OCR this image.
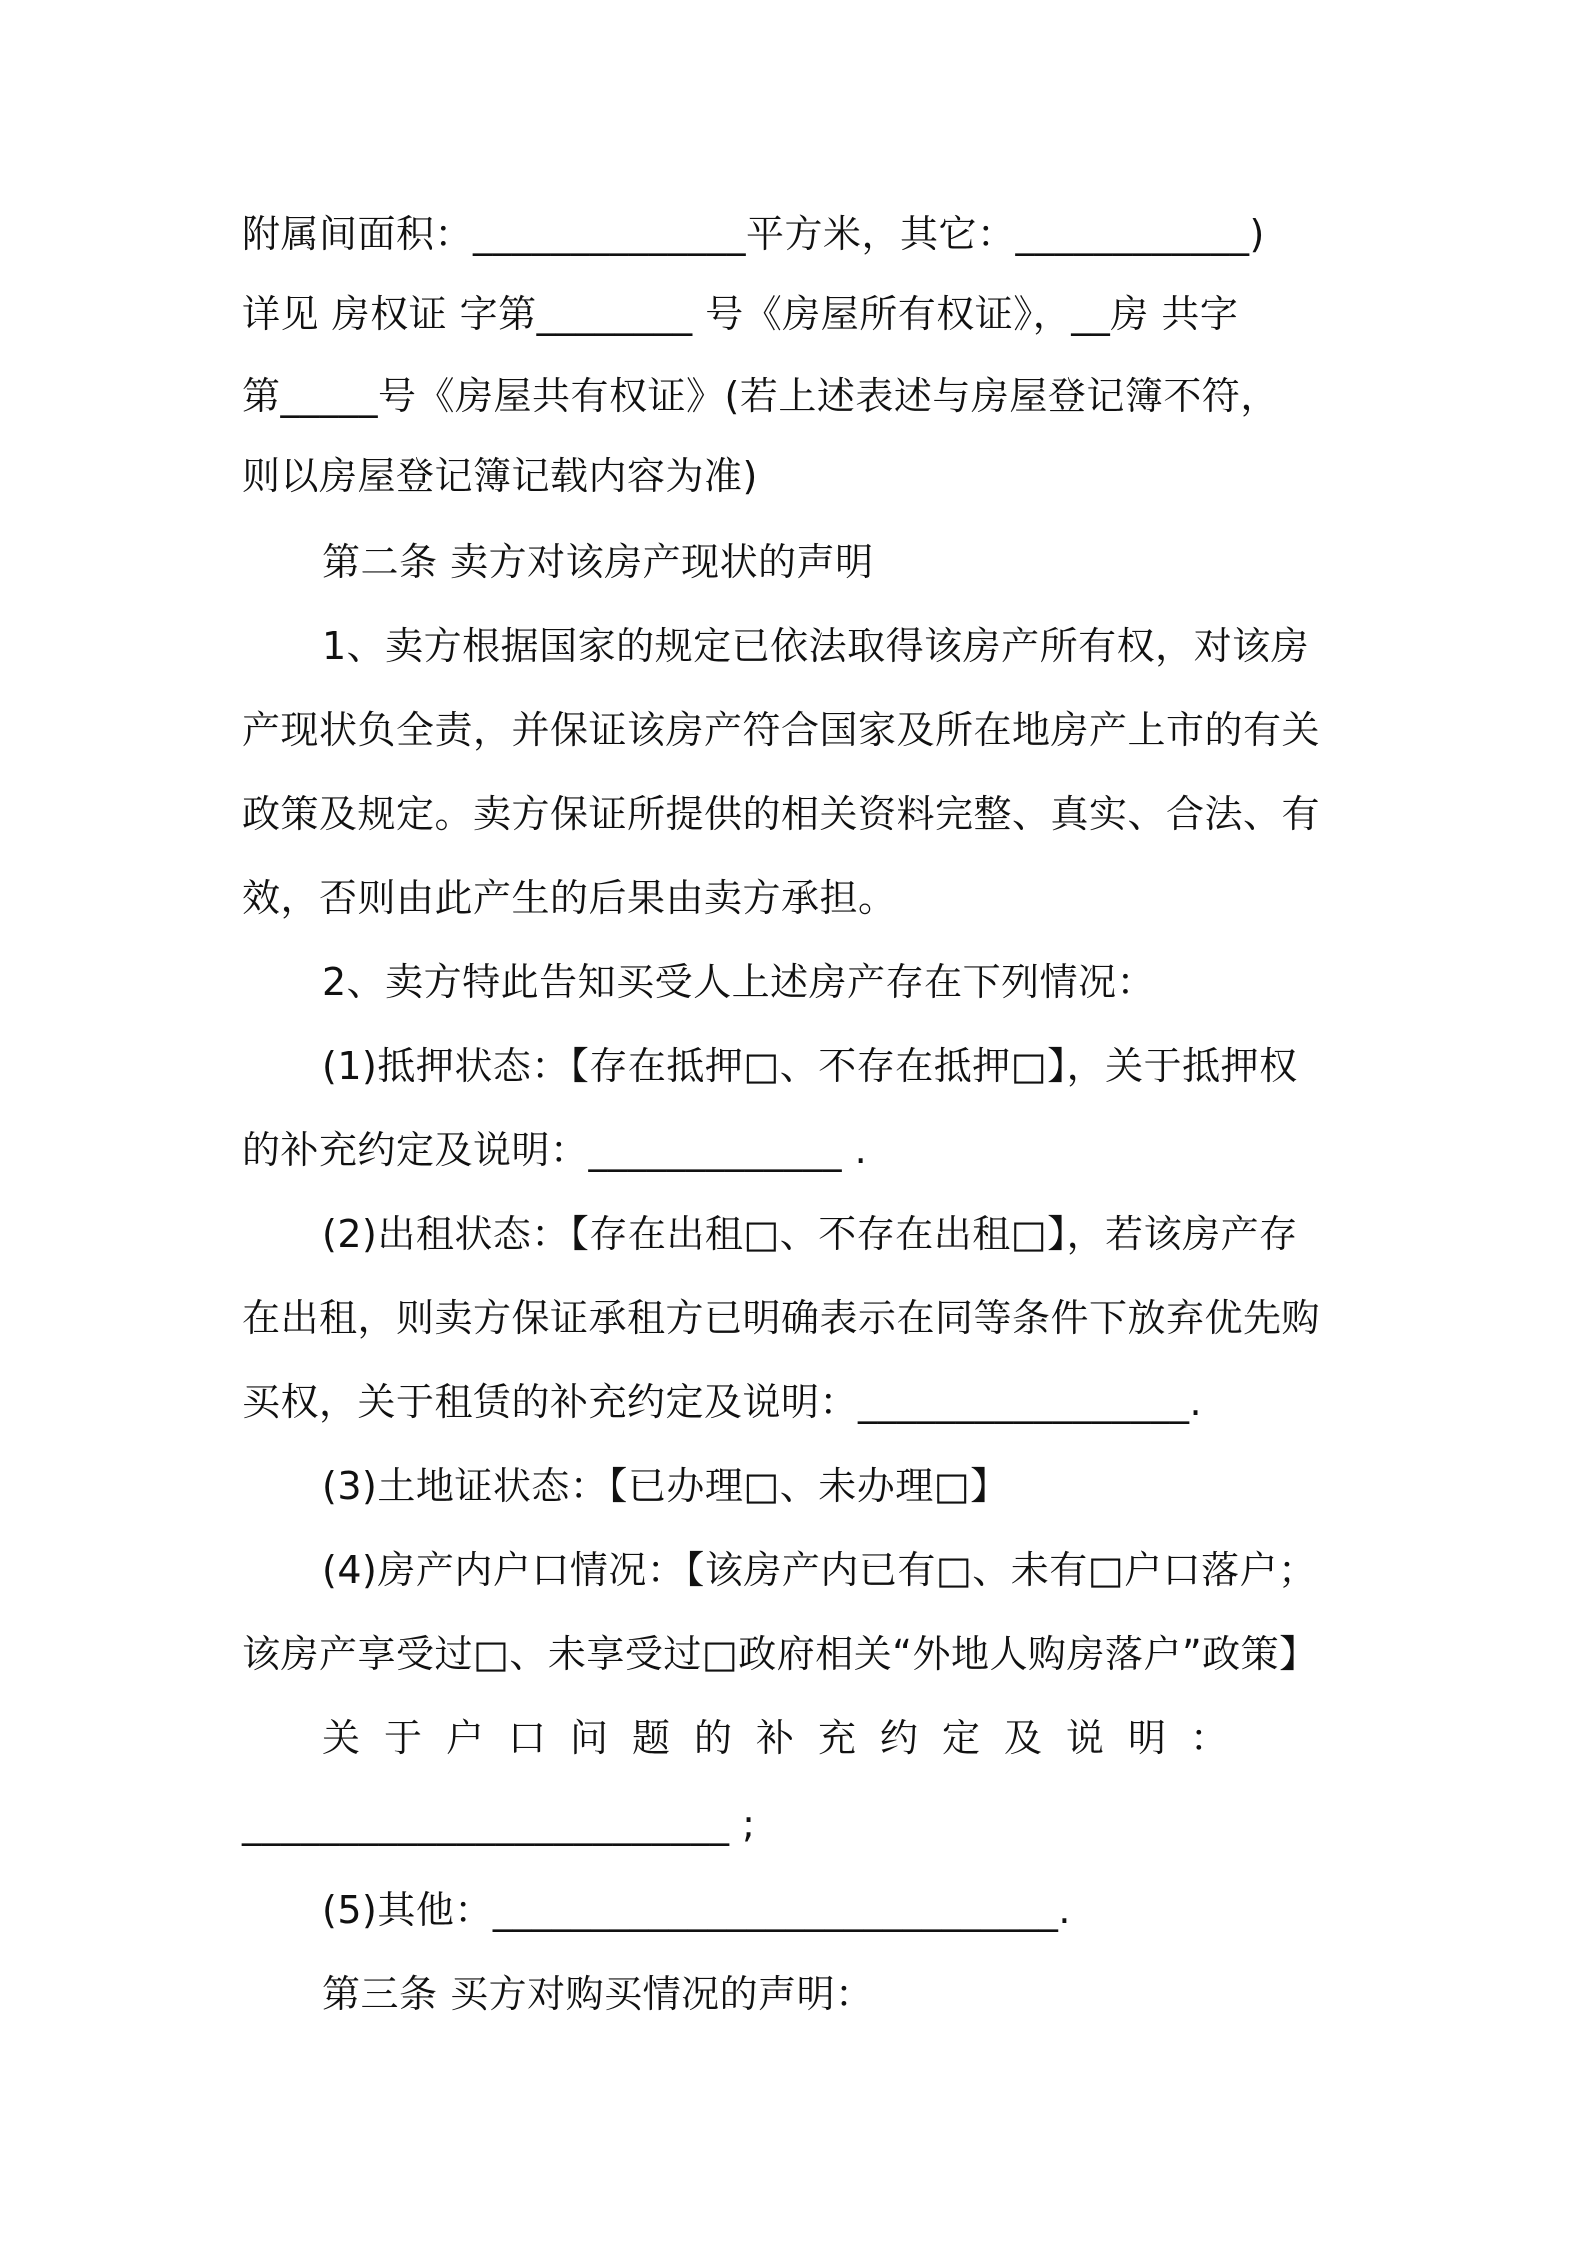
附属间面积：______________平方米，其它：____________)
详见 房权证 字第________ 号《房屋所有权证》，__房 共字
第_____号《房屋共有权证》(若上述表述与房屋登记簿不符，
则以房屋登记簿记载内容为准)
第二条 卖方对该房产现状的声明
1、卖方根据国家的规定已依法取得该房产所有权，对该房
产现状负全责，并保证该房产符合国家及所在地房产上市的有关
政策及规定。卖方保证所提供的相关资料完整、真实、合法、有
效，否则由此产生的后果由卖方承担。
2、卖方特此告知买受人上述房产存在下列情况：
(1)抵押状态：【存在抵押□、不存在抵押□】，关于抵押权
的补充约定及说明：_____________ .
(2)出租状态：【存在出租□、不存在出租□】，若该房产存
在出租，则卖方保证承租方已明确表示在同等条件下放弃优先购
买权，关于租赁的补充约定及说明：_________________.
(3)土地证状态：【已办理□、未办理□】
(4)房产内户口情况：【该房产内已有□、未有□户口落户；
该房产享受过□、未享受过□政府相关“外地人购房落户”政策】
关于户口问题的补充约定及说明：
_________________________ ;
(5)其他：_____________________________.
第三条 买方对购买情况的声明：
